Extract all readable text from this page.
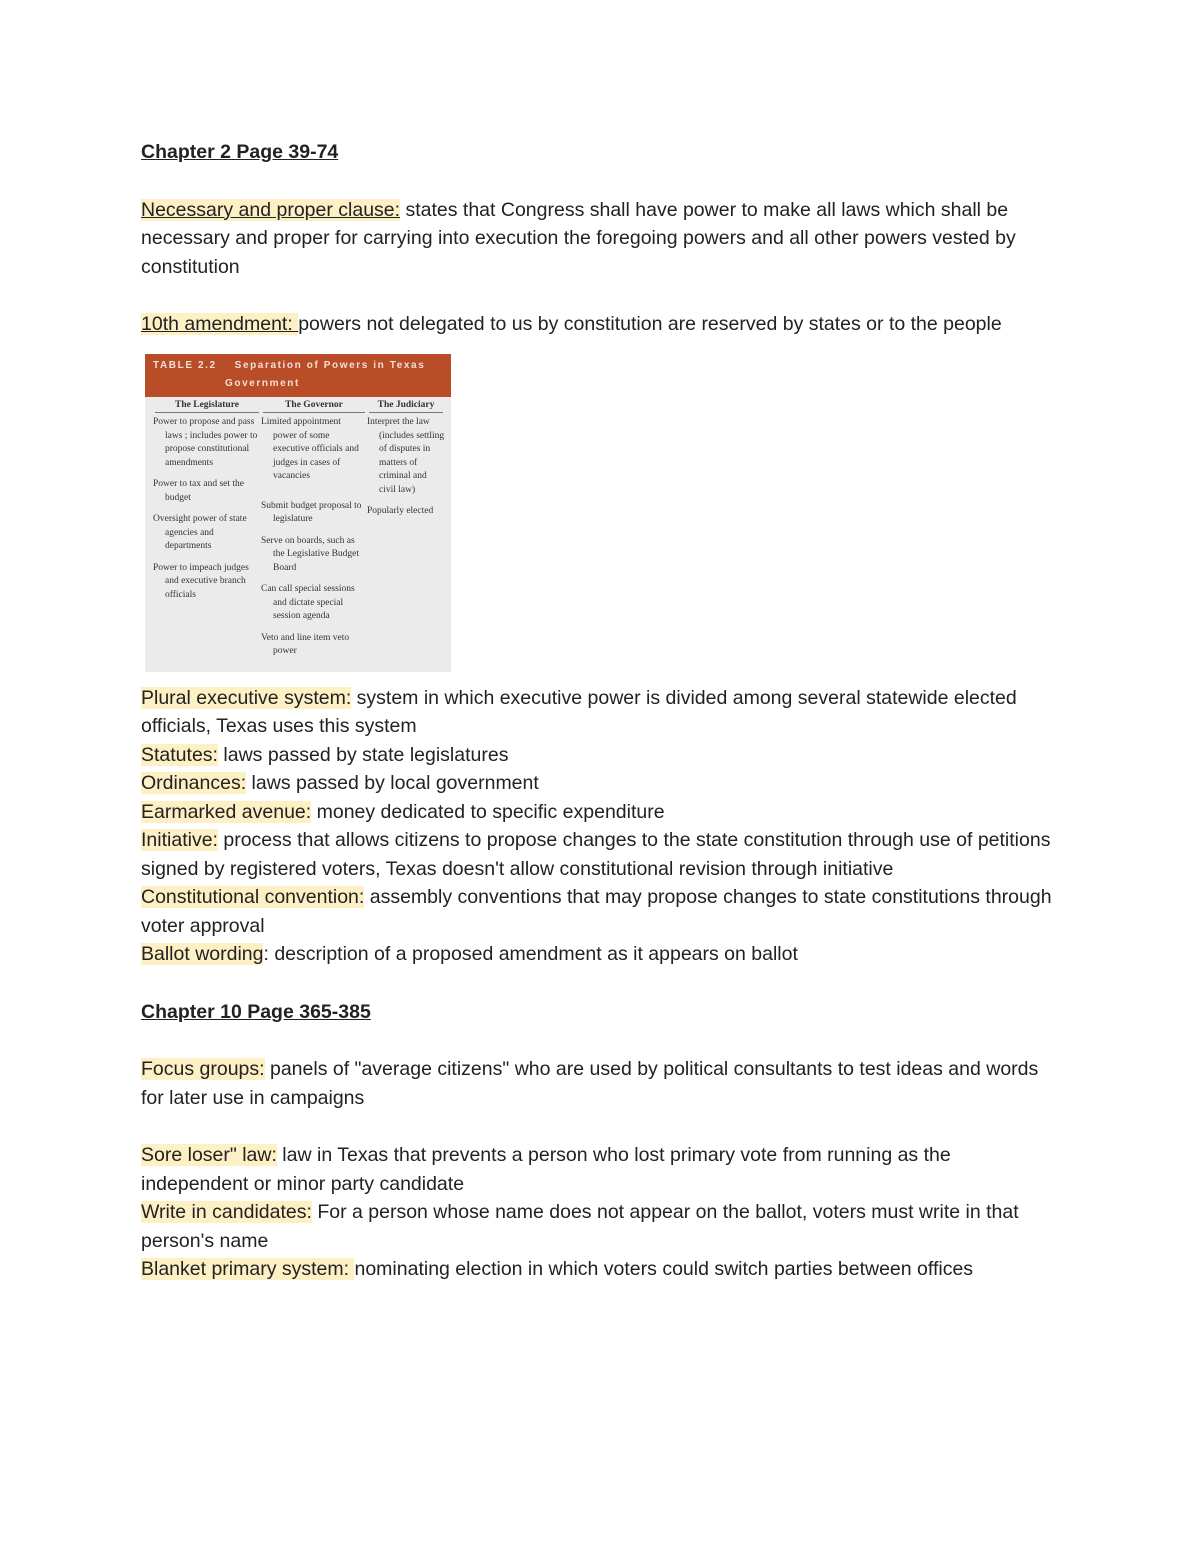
Chapter 2 Page 39-74

Necessary and proper clause: states that Congress shall have power to make all laws which shall be necessary and proper for carrying into execution the foregoing powers and all other powers vested by constitution

10th amendment: powers not delegated to us by constitution are reserved by states or to the people

TABLE 2.2 Separation of Powers in Texas
Government
The Legislature
Power to propose and pass laws ; includes power to propose constitutional amendments
Power to tax and set the budget
Oversight power of state agencies and departments
Power to impeach judges and executive branch officials
The Governor
Limited appointment power of some executive officials and judges in cases of vacancies
Submit budget proposal to legislature
Serve on boards, such as the Legislative Budget Board
Can call special sessions and dictate special session agenda
Veto and line item veto power
The Judiciary
Interpret the law (includes settling of disputes in matters of criminal and civil law)
Popularly elected

Plural executive system: system in which executive power is divided among several statewide elected officials, Texas uses this system

Statutes: laws passed by state legislatures

Ordinances: laws passed by local government

Earmarked avenue: money dedicated to specific expenditure

Initiative: process that allows citizens to propose changes to the state constitution through use of petitions signed by registered voters, Texas doesn't allow constitutional revision through initiative

Constitutional convention: assembly conventions that may propose changes to state constitutions through voter approval

Ballot wording: description of a proposed amendment as it appears on ballot

Chapter 10 Page 365-385

Focus groups: panels of "average citizens" who are used by political consultants to test ideas and words for later use in campaigns

Sore loser" law: law in Texas that prevents a person who lost primary vote from running as the independent or minor party candidate

Write in candidates: For a person whose name does not appear on the ballot, voters must write in that person's name

Blanket primary system: nominating election in which voters could switch parties between offices
